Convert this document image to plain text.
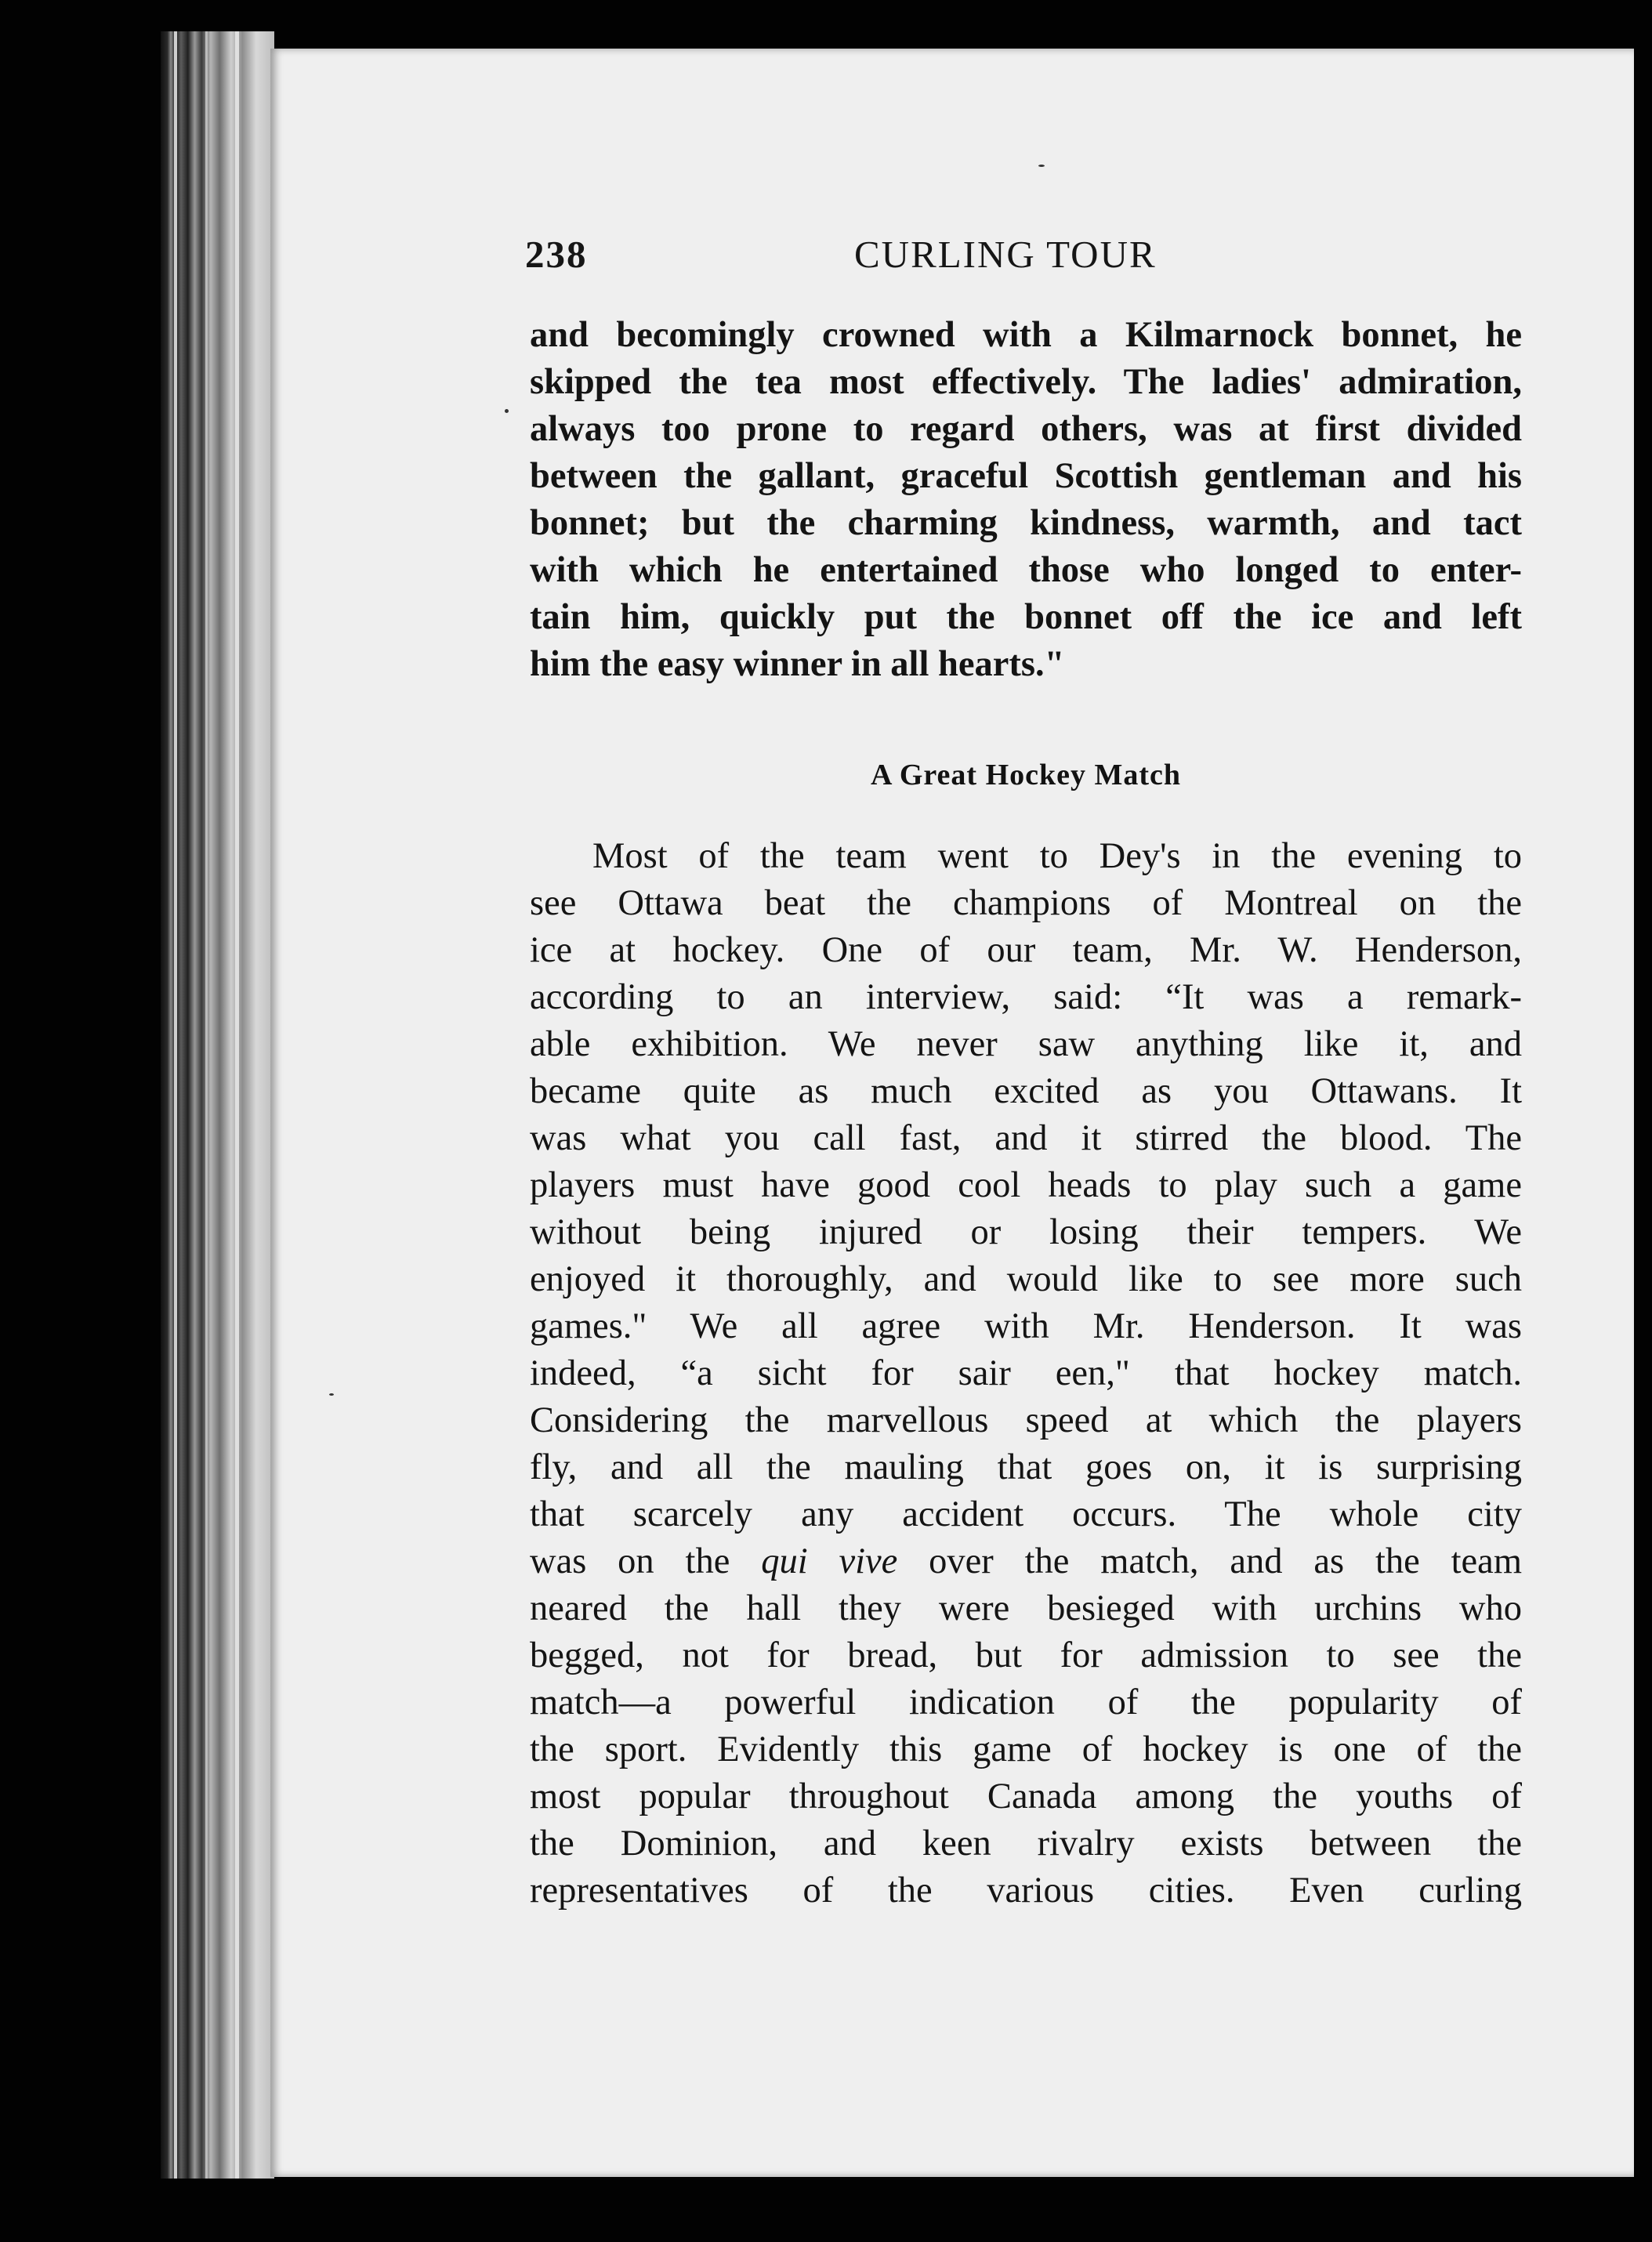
238	CURLING TOUR
and becomingly crowned with a Kilmarnock bonnet, he
skipped the tea most effectively. The ladies' admiration,
always too prone to regard others, was at first divided
between the gallant, graceful Scottish gentleman and his
bonnet; but the charming kindness, warmth, and tact
with which he entertained those who longed to enter-
tain him, quickly put the bonnet off the ice and left
him the easy winner in all hearts."
A Great Hockey Match
Most of the team went to Dey's in the evening to
see Ottawa beat the champions of Montreal on the
ice at hockey. One of our team, Mr. W. Henderson,
according to an interview, said: “It was a remark-
able exhibition. We never saw anything like it, and
became quite as much excited as you Ottawans. It
was what you call fast, and it stirred the blood. The
players must have good cool heads to play such a game
without being injured or losing their tempers. We
enjoyed it thoroughly, and would like to see more such
games." We all agree with Mr. Henderson. It was
indeed, “a sicht for sair een," that hockey match.
Considering the marvellous speed at which the players
fly, and all the mauling that goes on, it is surprising
that scarcely any accident occurs. The whole city
was on the qui vive over the match, and as the team
neared the hall they were besieged with urchins who
begged, not for bread, but for admission to see the
match—a powerful indication of the popularity of
the sport. Evidently this game of hockey is one of the
most popular throughout Canada among the youths of
the Dominion, and keen rivalry exists between the
representatives of the various cities. Even curling
